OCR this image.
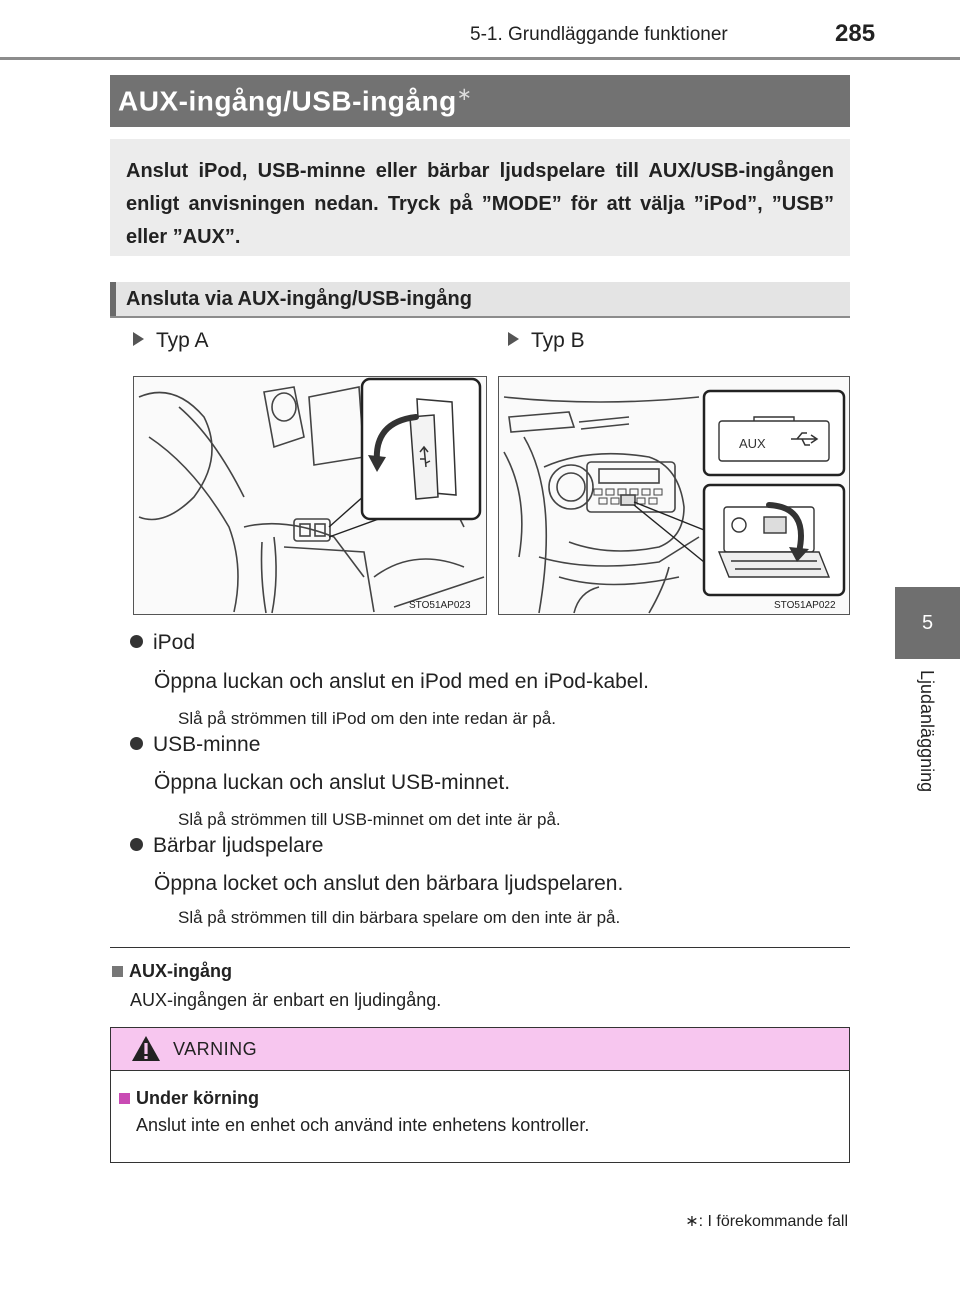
5-1. Grundläggande funktioner	285
5
Ljudanläggning
AUX-ingång/USB-ingång∗
Anslut iPod, USB-minne eller bärbar ljudspelare till AUX/USB-ingången enligt anvisningen nedan. Tryck på ”MODE” för att välja ”iPod”, ”USB” eller ”AUX”.
Ansluta via AUX-ingång/USB-ingång
Typ A	Typ B
STO51AP023
AUX
STO51AP022
iPod
Öppna luckan och anslut en iPod med en iPod-kabel.
Slå på strömmen till iPod om den inte redan är på.
USB-minne
Öppna luckan och anslut USB-minnet.
Slå på strömmen till USB-minnet om det inte är på.
Bärbar ljudspelare
Öppna locket och anslut den bärbara ljudspelaren.
Slå på strömmen till din bärbara spelare om den inte är på.
AUX-ingång
AUX-ingången är enbart en ljudingång.
VARNING
Under körning
Anslut inte en enhet och använd inte enhetens kontroller.
∗: I förekommande fall
